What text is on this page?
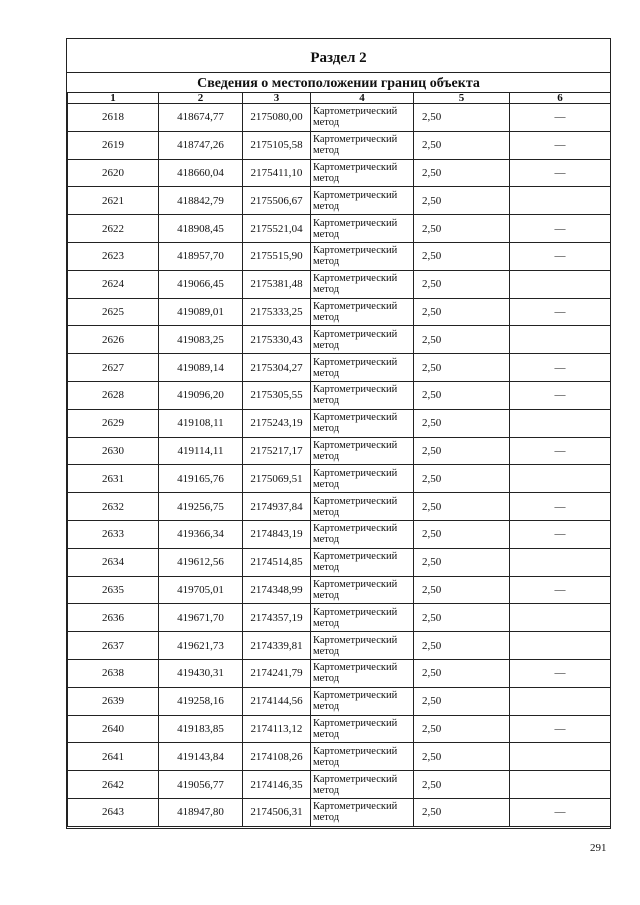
Раздел 2
Сведения о местоположении границ объекта
1	2	3	4	5	6
2618	418674,77	2175080,00	Картометрический метод	2,50	—
2619	418747,26	2175105,58	Картометрический метод	2,50	—
2620	418660,04	2175411,10	Картометрический метод	2,50	—
2621	418842,79	2175506,67	Картометрический метод	2,50	
2622	418908,45	2175521,04	Картометрический метод	2,50	—
2623	418957,70	2175515,90	Картометрический метод	2,50	—
2624	419066,45	2175381,48	Картометрический метод	2,50	
2625	419089,01	2175333,25	Картометрический метод	2,50	—
2626	419083,25	2175330,43	Картометрический метод	2,50	
2627	419089,14	2175304,27	Картометрический метод	2,50	—
2628	419096,20	2175305,55	Картометрический метод	2,50	—
2629	419108,11	2175243,19	Картометрический метод	2,50	
2630	419114,11	2175217,17	Картометрический метод	2,50	—
2631	419165,76	2175069,51	Картометрический метод	2,50	
2632	419256,75	2174937,84	Картометрический метод	2,50	—
2633	419366,34	2174843,19	Картометрический метод	2,50	—
2634	419612,56	2174514,85	Картометрический метод	2,50	
2635	419705,01	2174348,99	Картометрический метод	2,50	—
2636	419671,70	2174357,19	Картометрический метод	2,50	
2637	419621,73	2174339,81	Картометрический метод	2,50	
2638	419430,31	2174241,79	Картометрический метод	2,50	—
2639	419258,16	2174144,56	Картометрический метод	2,50	
2640	419183,85	2174113,12	Картометрический метод	2,50	—
2641	419143,84	2174108,26	Картометрический метод	2,50	
2642	419056,77	2174146,35	Картометрический метод	2,50	
2643	418947,80	2174506,31	Картометрический метод	2,50	—
291
